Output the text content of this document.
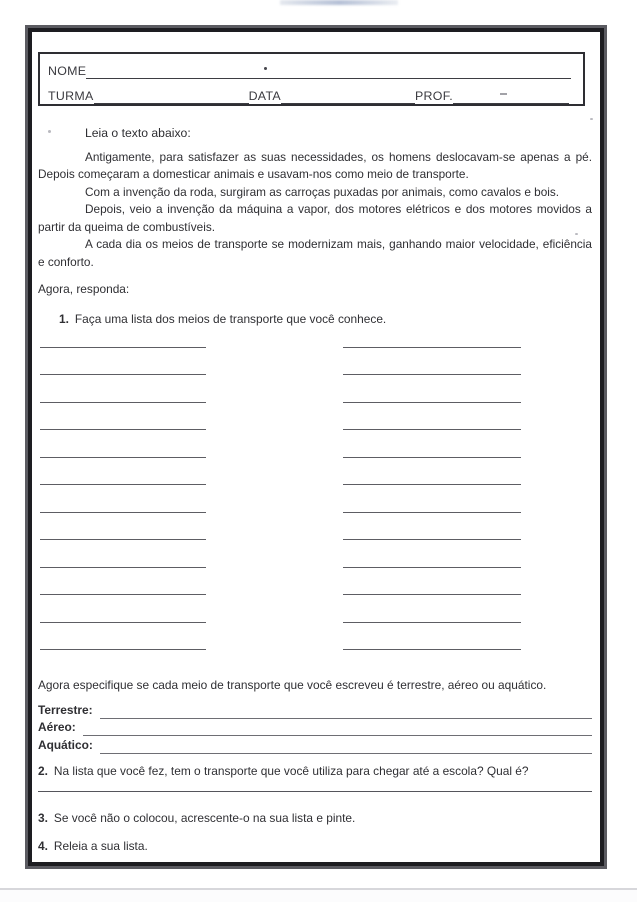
NOME
TURMA	DATA	PROF.
Leia o texto abaixo:

Antigamente, para satisfazer as suas necessidades, os homens deslocavam-se apenas a pé. Depois começaram a domesticar animais e usavam-nos como meio de transporte.

Com a invenção da roda, surgiram as carroças puxadas por animais, como cavalos e bois.

Depois, veio a invenção da máquina a vapor, dos motores elétricos e dos motores movidos a partir da queima de combustíveis.

A cada dia os meios de transporte se modernizam mais, ganhando maior velocidade, eficiência e conforto.

Agora, responda:
1. Faça uma lista dos meios de transporte que você conhece.
Agora especifique se cada meio de transporte que você escreveu é terrestre, aéreo ou aquático.
Terrestre:
Aéreo:
Aquático:
2. Na lista que você fez, tem o transporte que você utiliza para chegar até a escola? Qual é?
3. Se você não o colocou, acrescente-o na sua lista e pinte.
4. Releia a sua lista.
